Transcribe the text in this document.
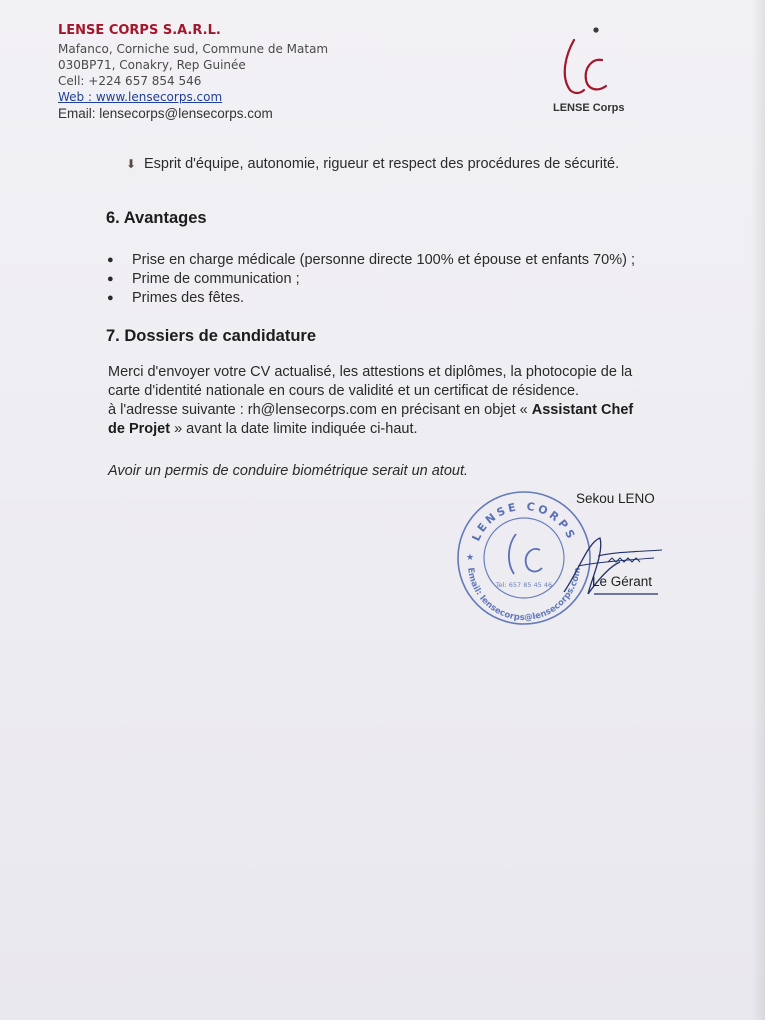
LENSE CORPS S.A.R.L.
Mafanco, Corniche sud, Commune de Matam
030BP71, Conakry, Rep Guinée
Cell: +224 657 854 546
Web : www.lensecorps.com
Email: lensecorps@lensecorps.com	LENSE Corps
⬇︎ Esprit d'équipe, autonomie, rigueur et respect des procédures de sécurité.
6. Avantages
● Prise en charge médicale (personne directe 100% et épouse et enfants 70%) ;
● Prime de communication ;
● Primes des fêtes.
7. Dossiers de candidature
Merci d'envoyer votre CV actualisé, les attestions et diplômes, la photocopie de la
carte d'identité nationale en cours de validité et un certificat de résidence.
à l'adresse suivante : rh@lensecorps.com en précisant en objet « Assistant Chef
de Projet » avant la date limite indiquée ci-haut.
Avoir un permis de conduire biométrique serait un atout.
Sekou LENO
LENSE CORPS
Email: lensecorps@lensecorps.com
Tel: 657 85 45 46
★
Le Gérant
